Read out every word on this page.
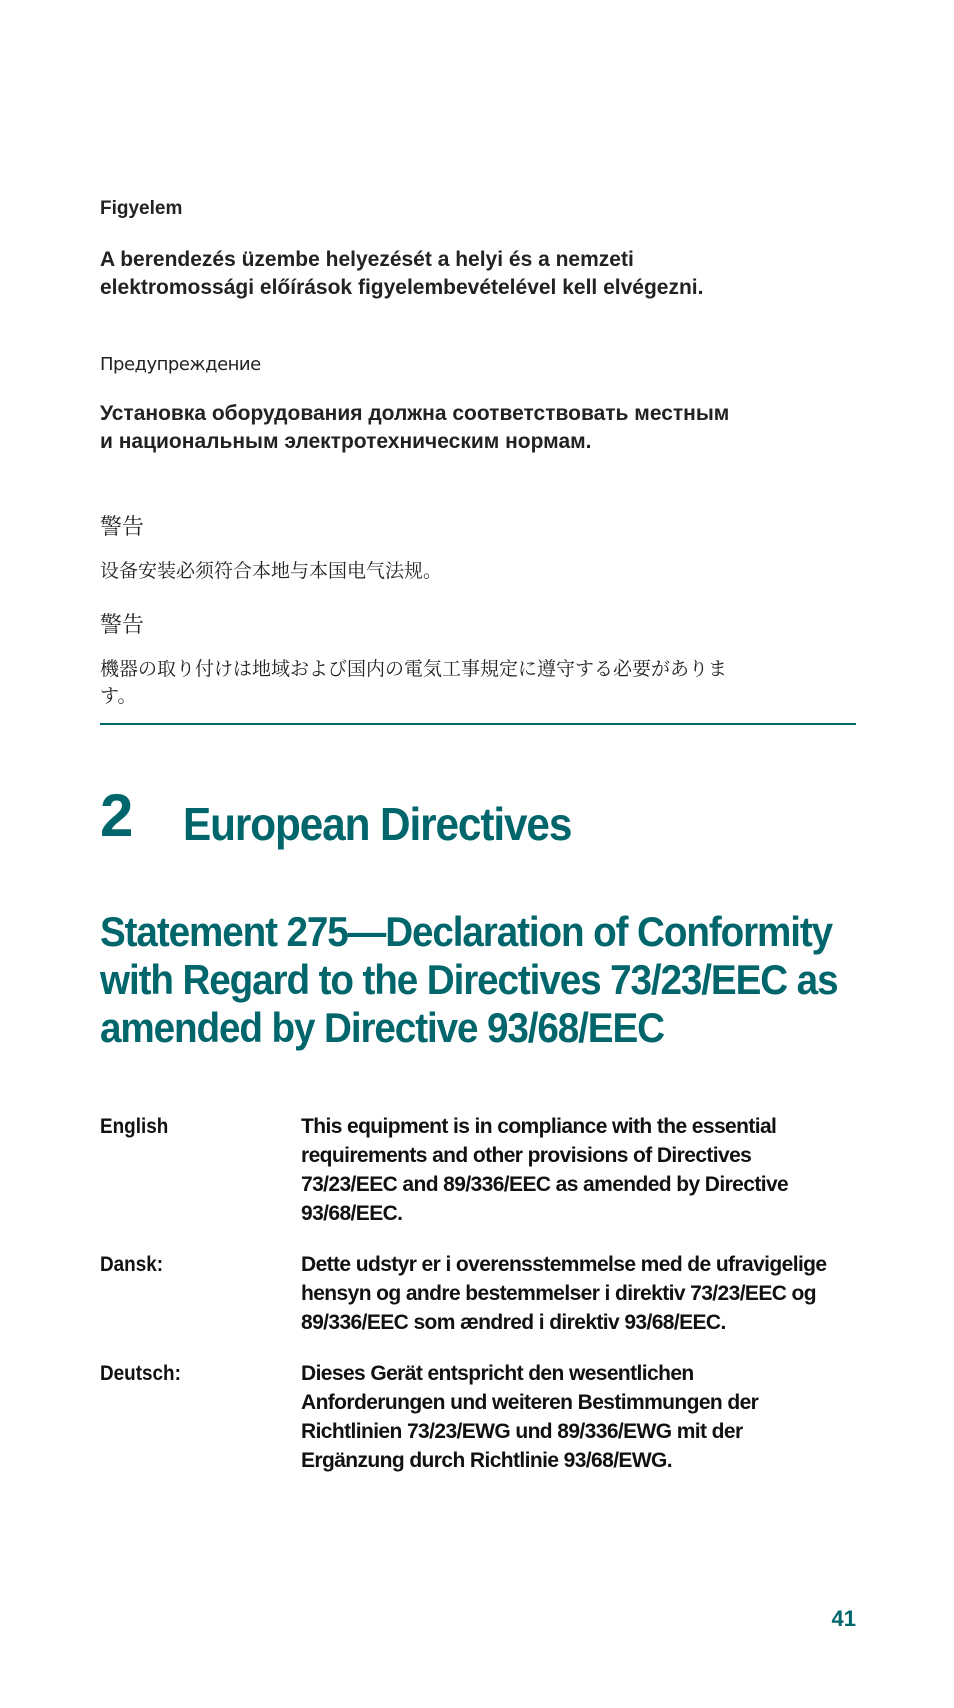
Figyelem
A berendezés üzembe helyezését a helyi és a nemzeti elektromossági előírások figyelembevételével kell elvégezni.
Предупреждение
Установка оборудования должна соответствовать местным и национальным электротехническим нормам.
警告
设备安装必须符合本地与本国电气法规。
警告
機器の取り付けは地域および国内の電気工事規定に遵守する必要があります。
2 European Directives
Statement 275—Declaration of Conformity with Regard to the Directives 73/23/EEC as amended by Directive 93/68/EEC
English	This equipment is in compliance with the essential requirements and other provisions of Directives 73/23/EEC and 89/336/EEC as amended by Directive 93/68/EEC.
Dansk:	Dette udstyr er i overensstemmelse med de ufravigelige hensyn og andre bestemmelser i direktiv 73/23/EEC og 89/336/EEC som ændred i direktiv 93/68/EEC.
Deutsch:	Dieses Gerät entspricht den wesentlichen Anforderungen und weiteren Bestimmungen der Richtlinien 73/23/EWG und 89/336/EWG mit der Ergänzung durch Richtlinie 93/68/EWG.
41
